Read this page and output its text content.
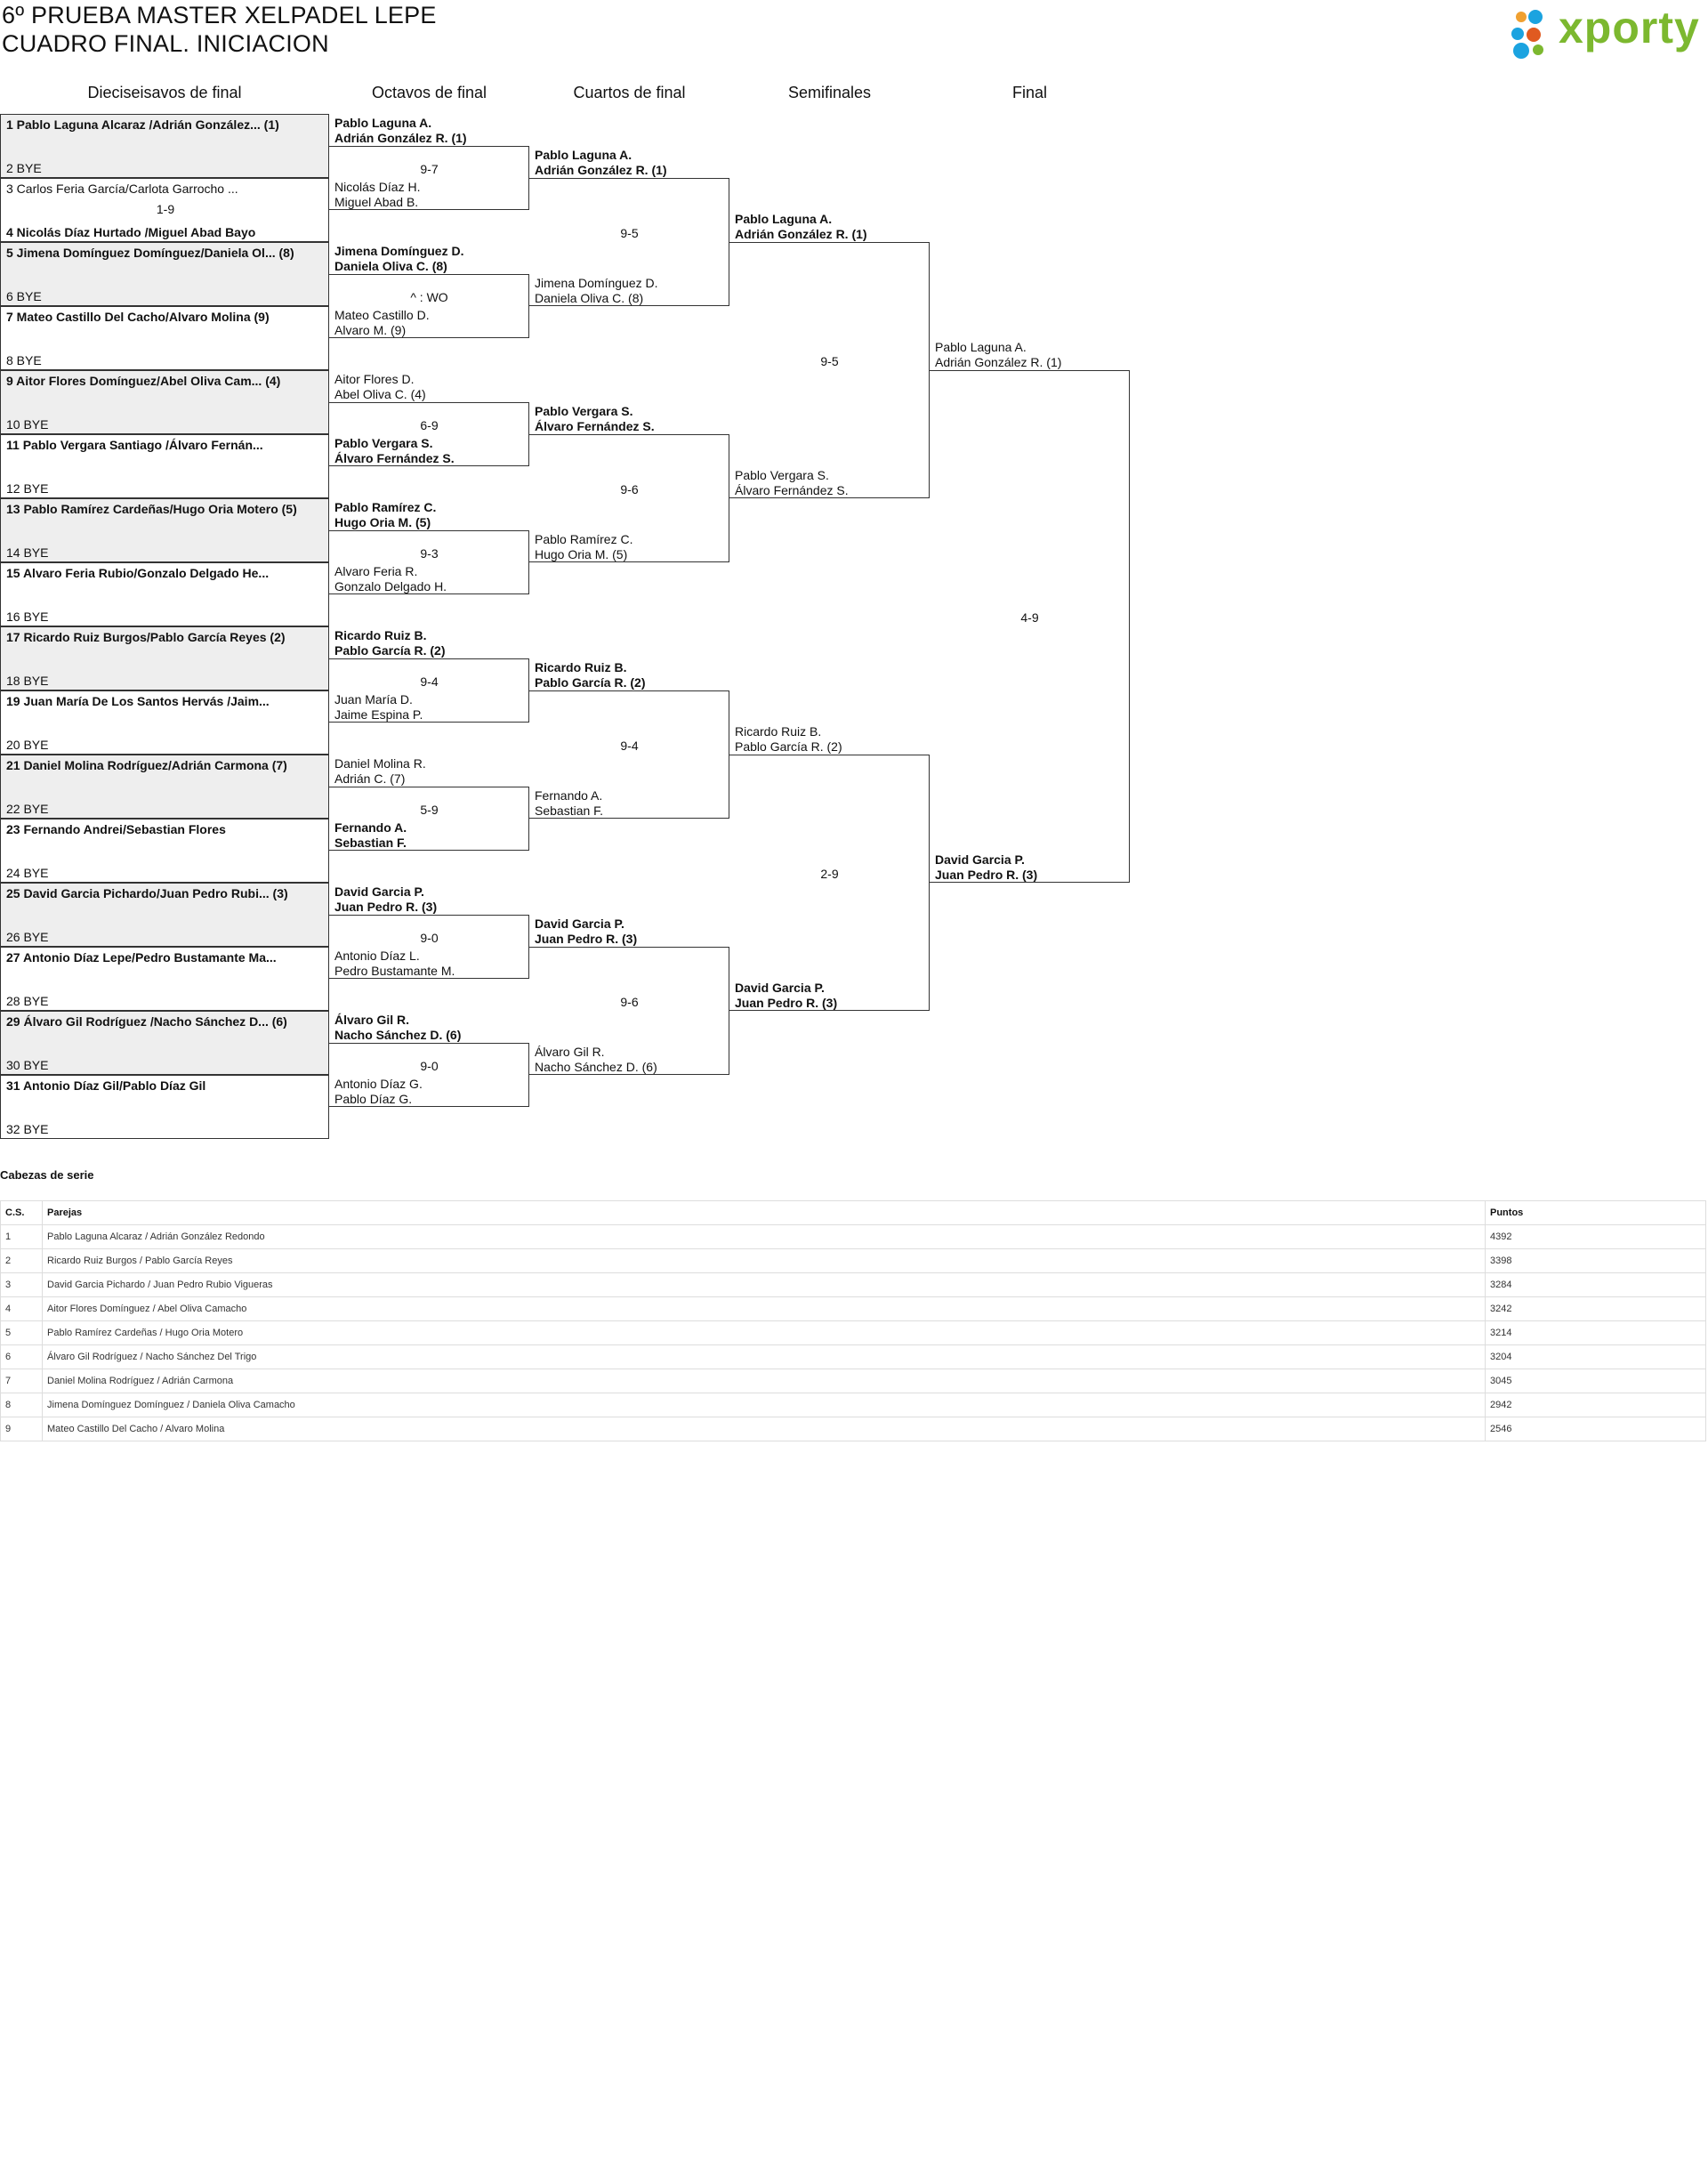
6º PRUEBA MASTER XELPADEL LEPE
CUADRO FINAL. INICIACION	xporty
Dieciseisavos de final	Octavos de final	Cuartos de final	Semifinales	Final
1 Pablo Laguna Alcaraz /Adrián González... (1)
2 BYE
3 Carlos Feria García/Carlota Garrocho ...
4 Nicolás Díaz Hurtado /Miguel Abad Bayo
1-9
5 Jimena Domínguez Domínguez/Daniela Ol... (8)
6 BYE
7 Mateo Castillo Del Cacho/Alvaro Molina (9)
8 BYE
9 Aitor Flores Domínguez/Abel Oliva Cam... (4)
10 BYE
11 Pablo Vergara Santiago /Álvaro Fernán...
12 BYE
13 Pablo Ramírez Cardeñas/Hugo Oria Motero (5)
14 BYE
15 Alvaro Feria Rubio/Gonzalo Delgado He...
16 BYE
17 Ricardo Ruiz Burgos/Pablo García Reyes (2)
18 BYE
19 Juan María De Los Santos Hervás /Jaim...
20 BYE
21 Daniel Molina Rodríguez/Adrián Carmona (7)
22 BYE
23 Fernando Andrei/Sebastian Flores
24 BYE
25 David Garcia Pichardo/Juan Pedro Rubi... (3)
26 BYE
27 Antonio Díaz Lepe/Pedro Bustamante Ma...
28 BYE
29 Álvaro Gil Rodríguez /Nacho Sánchez D... (6)
30 BYE
31 Antonio Díaz Gil/Pablo Díaz Gil
32 BYE
Pablo Laguna A.
Adrián González R. (1)
Nicolás Díaz H.
Miguel Abad B.
9-7
Jimena Domínguez D.
Daniela Oliva C. (8)
Mateo Castillo D.
Alvaro M. (9)
^ : WO
Aitor Flores D.
Abel Oliva C. (4)
Pablo Vergara S.
Álvaro Fernández S.
6-9
Pablo Ramírez C.
Hugo Oria M. (5)
Alvaro Feria R.
Gonzalo Delgado H.
9-3
Ricardo Ruiz B.
Pablo García R. (2)
Juan María D.
Jaime Espina P.
9-4
Daniel Molina R.
Adrián C. (7)
Fernando A.
Sebastian F.
5-9
David Garcia P.
Juan Pedro R. (3)
Antonio Díaz L.
Pedro Bustamante M.
9-0
Álvaro Gil R.
Nacho Sánchez D. (6)
Antonio Díaz G.
Pablo Díaz G.
9-0
Pablo Laguna A.
Adrián González R. (1)
Jimena Domínguez D.
Daniela Oliva C. (8)
9-5
Pablo Vergara S.
Álvaro Fernández S.
Pablo Ramírez C.
Hugo Oria M. (5)
9-6
Ricardo Ruiz B.
Pablo García R. (2)
Fernando A.
Sebastian F.
9-4
David Garcia P.
Juan Pedro R. (3)
Álvaro Gil R.
Nacho Sánchez D. (6)
9-6
Pablo Laguna A.
Adrián González R. (1)
Pablo Vergara S.
Álvaro Fernández S.
9-5
Ricardo Ruiz B.
Pablo García R. (2)
David Garcia P.
Juan Pedro R. (3)
2-9
Pablo Laguna A.
Adrián González R. (1)
David Garcia P.
Juan Pedro R. (3)
4-9
Cabezas de serie
C.S.	Parejas	Puntos
1	Pablo Laguna Alcaraz / Adrián González Redondo	4392
2	Ricardo Ruiz Burgos / Pablo García Reyes	3398
3	David Garcia Pichardo / Juan Pedro Rubio Vigueras	3284
4	Aitor Flores Domínguez / Abel Oliva Camacho	3242
5	Pablo Ramírez Cardeñas / Hugo Oria Motero	3214
6	Álvaro Gil Rodríguez / Nacho Sánchez Del Trigo	3204
7	Daniel Molina Rodríguez / Adrián Carmona	3045
8	Jimena Domínguez Domínguez / Daniela Oliva Camacho	2942
9	Mateo Castillo Del Cacho / Alvaro Molina	2546
